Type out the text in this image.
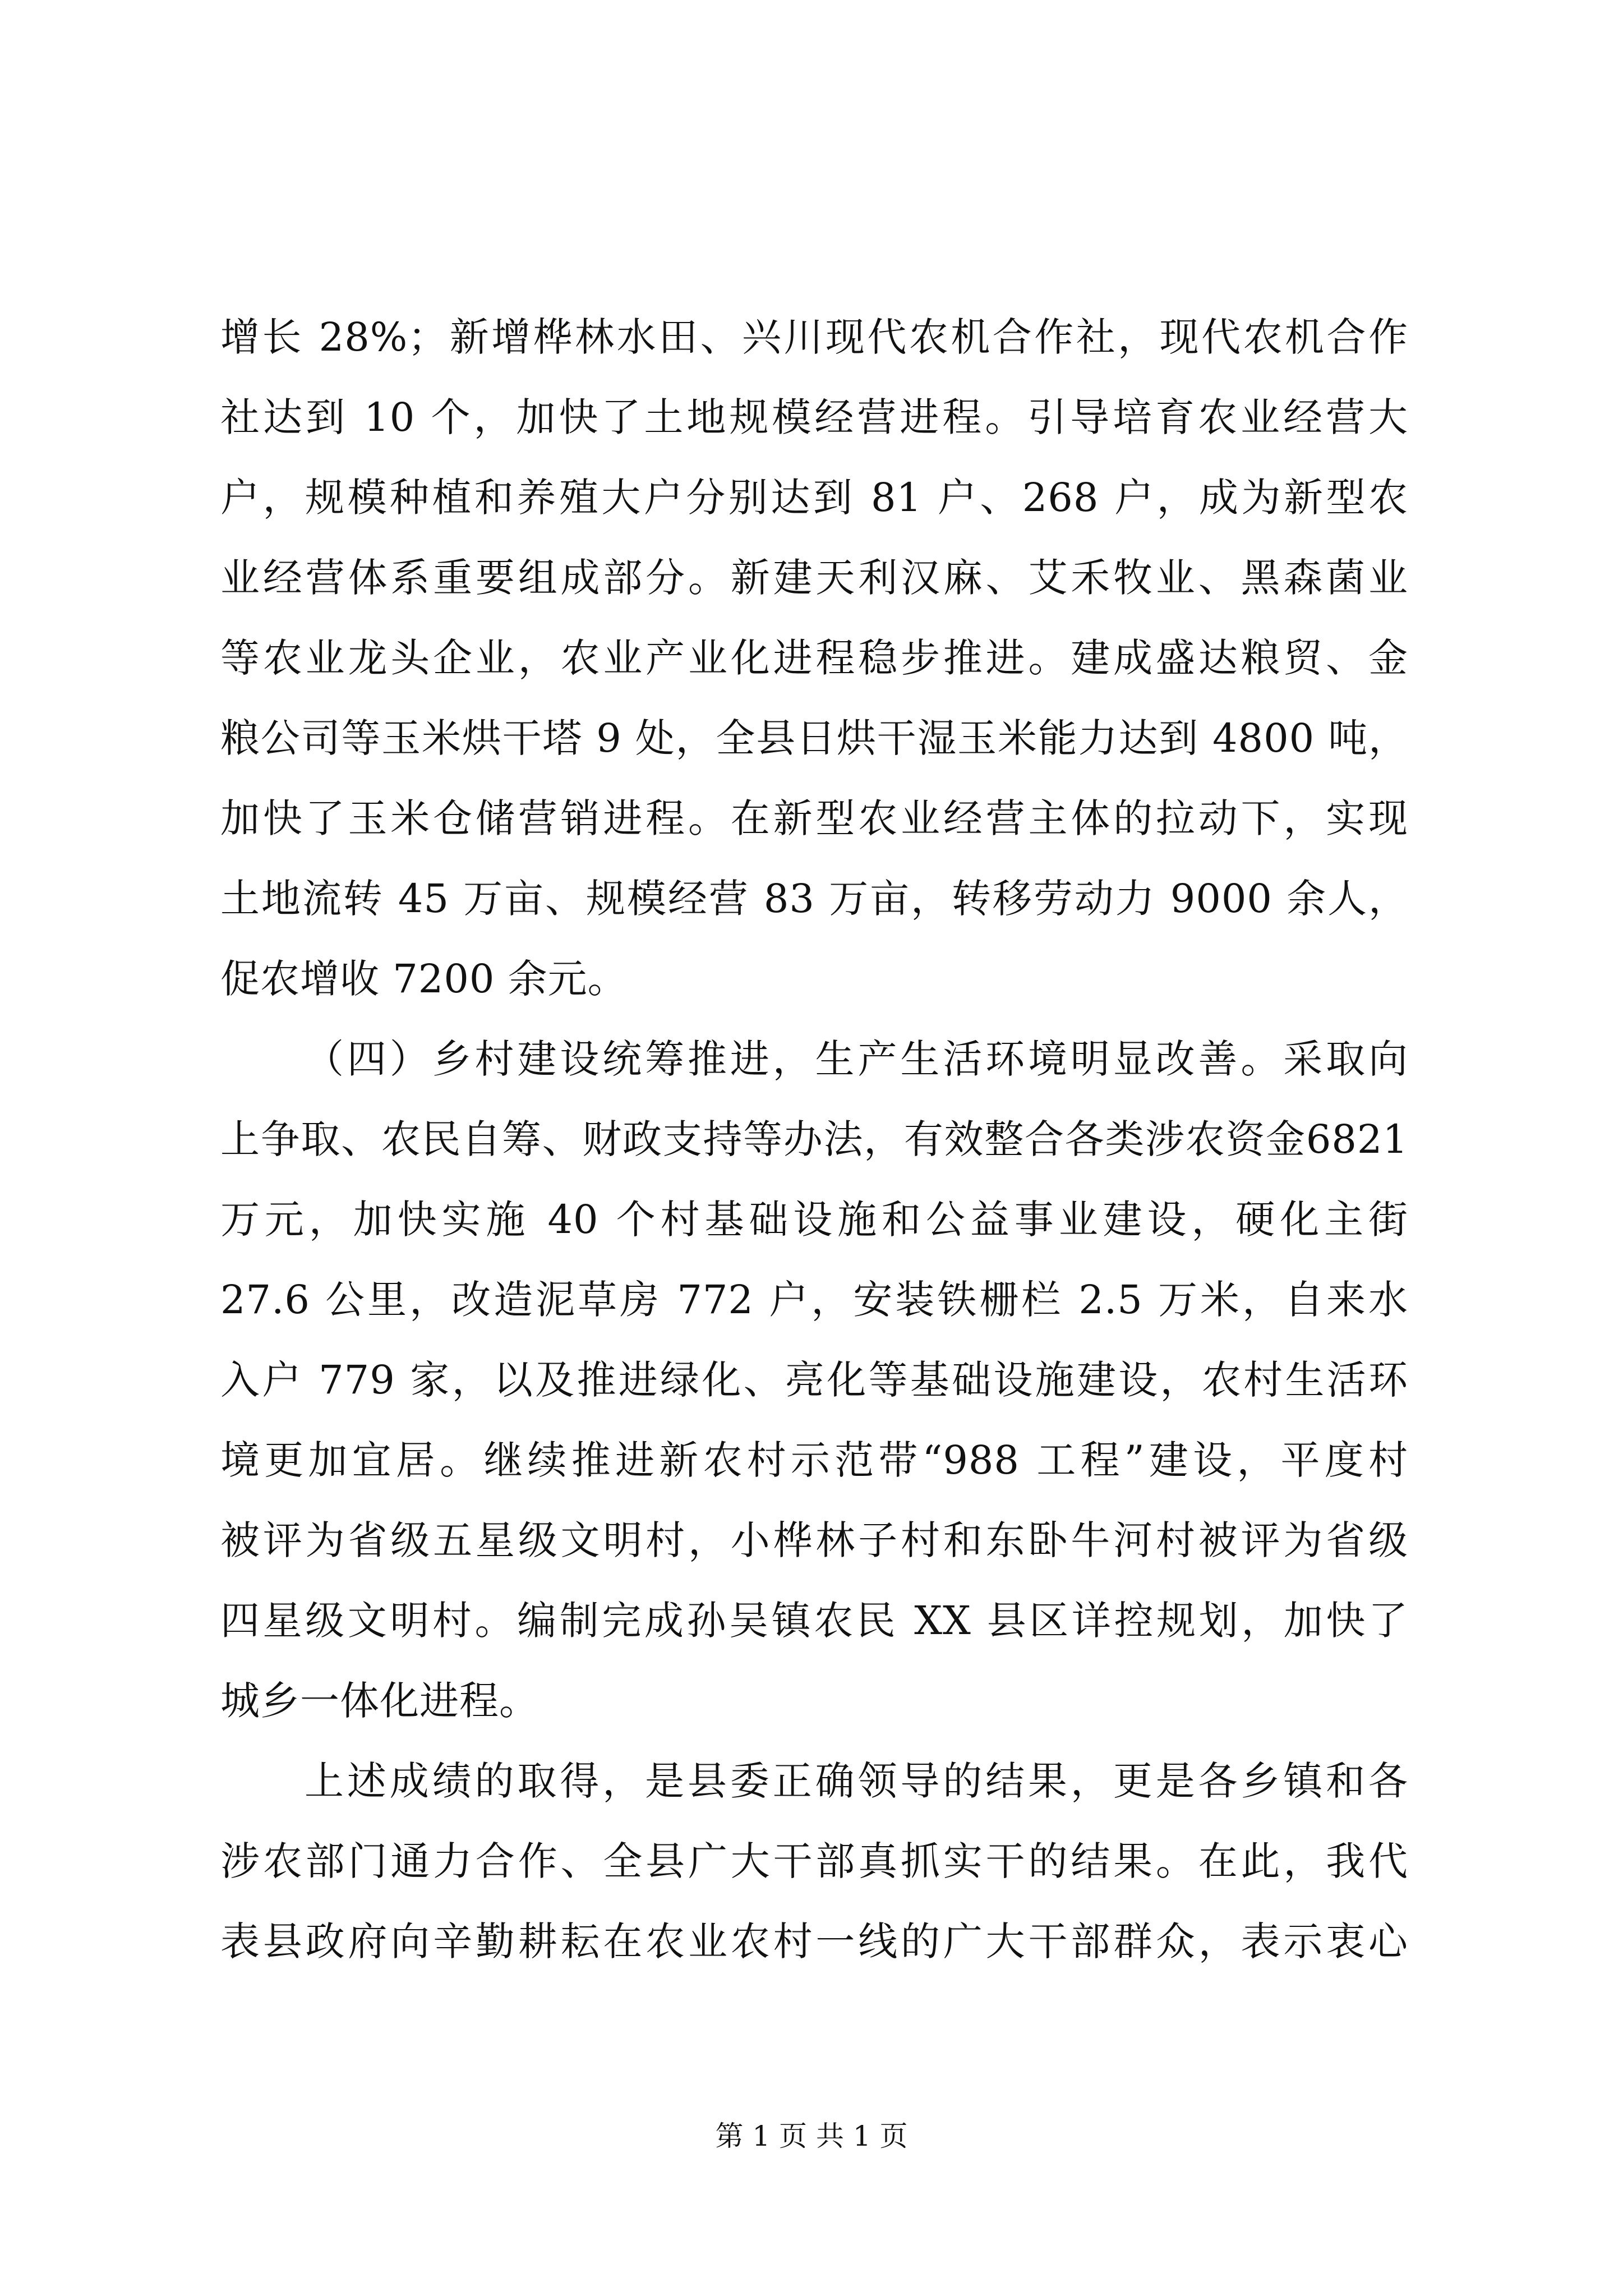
增长 28%；新增桦林水田、兴川现代农机合作社，现代农机合作
社达到 10 个，加快了土地规模经营进程。引导培育农业经营大
户，规模种植和养殖大户分别达到 81 户、268 户，成为新型农
业经营体系重要组成部分。新建天利汉麻、艾禾牧业、黑森菌业
等农业龙头企业，农业产业化进程稳步推进。建成盛达粮贸、金
粮公司等玉米烘干塔 9 处，全县日烘干湿玉米能力达到 4800 吨，
加快了玉米仓储营销进程。在新型农业经营主体的拉动下，实现
土地流转 45 万亩、规模经营 83 万亩，转移劳动力 9000 余人，
促农增收 7200 余元。
（四）乡村建设统筹推进，生产生活环境明显改善。采取向
上争取、农民自筹、财政支持等办法，有效整合各类涉农资金6821
万元，加快实施 40 个村基础设施和公益事业建设，硬化主街
27.6 公里，改造泥草房 772 户，安装铁栅栏 2.5 万米，自来水
入户 779 家，以及推进绿化、亮化等基础设施建设，农村生活环
境更加宜居。继续推进新农村示范带“988 工程”建设，平度村
被评为省级五星级文明村，小桦林子村和东卧牛河村被评为省级
四星级文明村。编制完成孙吴镇农民 XX 县区详控规划，加快了
城乡一体化进程。
上述成绩的取得，是县委正确领导的结果，更是各乡镇和各
涉农部门通力合作、全县广大干部真抓实干的结果。在此，我代
表县政府向辛勤耕耘在农业农村一线的广大干部群众，表示衷心
第 1 页 共 1 页
